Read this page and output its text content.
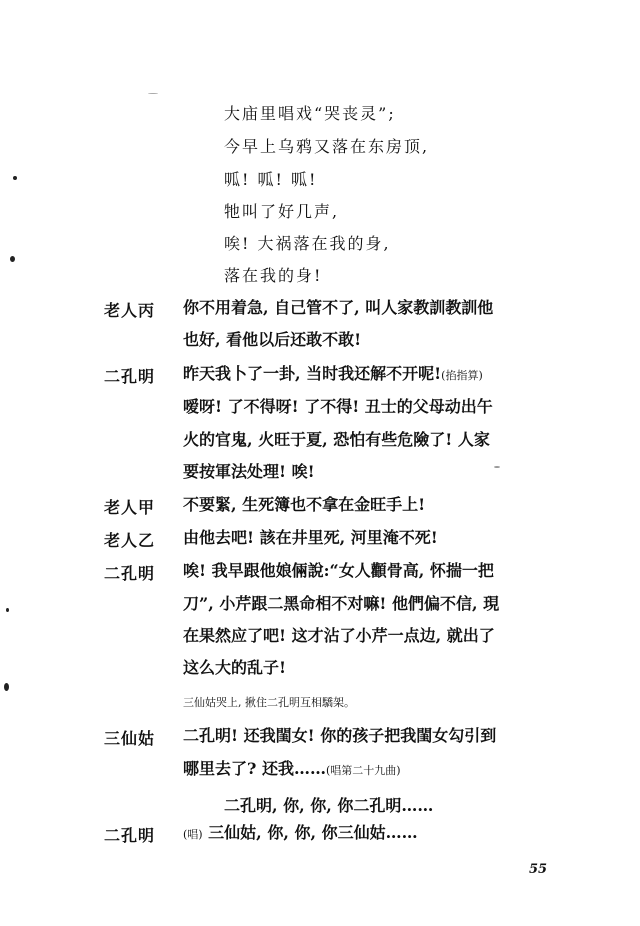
大庙里唱戏“哭丧灵”;
今早上乌鸦又落在东房顶,
呱! 呱! 呱!
牠叫了好几声,
唉! 大祸落在我的身,
落在我的身!
老人丙 你不用着急, 自己管不了, 叫人家教訓教訓他
也好, 看他以后还敢不敢!
二孔明 昨天我卜了一卦, 当时我还解不开呢!(掐指算)
嗳呀! 了不得呀! 了不得! 丑士的父母动出午
火的官鬼, 火旺于夏, 恐怕有些危險了! 人家
要按軍法处理! 唉!
老人甲 不要緊, 生死簿也不拿在金旺手上!
老人乙 由他去吧! 該在井里死, 河里淹不死!
二孔明 唉! 我早跟他娘倆說:“女人顴骨高, 怀揣一把
刀”, 小芹跟二黑命相不对嘛! 他們偏不信, 現
在果然应了吧! 这才沾了小芹一点边, 就出了
这么大的乱子!
三仙姑哭上, 揪住二孔明互相驕架。
三仙姑 二孔明! 还我閨女! 你的孩子把我閨女勾引到
哪里去了? 还我……(唱第二十九曲)
二孔明, 你, 你, 你二孔明……
二孔明	(唱) 三仙姑, 你, 你, 你三仙姑……
55
